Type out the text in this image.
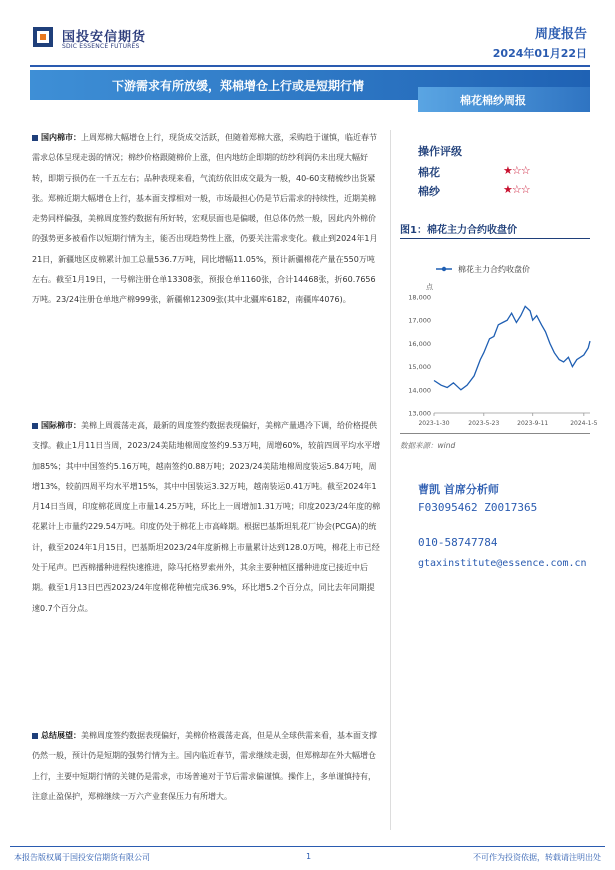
国投安信期货
SDIC ESSENCE FUTURES
周度报告
2024年01月22日
下游需求有所放缓，郑棉增仓上行或是短期行情
棉花棉纱周报
国内棉市：上周郑棉大幅增仓上行，现货成交活跃，但随着郑棉大涨，采购趋于谨慎，临近春节需求总体呈现走弱的情况；棉纱价格跟随棉价上涨，但内地纺企即期的纺纱利润仍未出现大幅好转，即期亏损仍在一千五左右；品种表现来看，气流纺依旧成交最为一般，40-60支精梳纱出货紧张。郑棉近期大幅增仓上行，基本面支撑相对一般，市场最担心仍是节后需求的持续性，近期美棉走势同样偏强，美棉周度签约数据有所好转，宏观层面也是偏暖，但总体仍然一般，因此内外棉价的强势更多被看作以短期行情为主，能否出现趋势性上涨，仍要关注需求变化。截止到2024年1月21日，新疆地区皮棉累计加工总量536.7万吨，同比增幅11.05%，预计新疆棉花产量在550万吨左右。截至1月19日，一号棉注册仓单13308张，预报仓单1160张，合计14468张，折60.7656万吨。23/24注册仓单地产棉999张，新疆棉12309张(其中北疆库6182，南疆库4076)。
国际棉市：美棉上周震荡走高，最新的周度签约数据表现偏好，美棉产量遇冷下调，给价格提供支撑。截止1月11日当周，2023/24美陆地棉周度签约9.53万吨，周增60%，较前四周平均水平增加85%；其中中国签约5.16万吨，越南签约0.88万吨；2023/24美陆地棉周度装运5.84万吨，周增13%，较前四周平均水平增15%，其中中国装运3.32万吨，越南装运0.41万吨。截至2024年1月14日当周，印度棉花周度上市量14.25万吨，环比上一周增加1.31万吨；印度2023/24年度的棉花累计上市量约229.54万吨。印度仍处于棉花上市高峰期。根据巴基斯坦轧花厂协会(PCGA)的统计，截至2024年1月15日，巴基斯坦2023/24年度新棉上市量累计达到128.0万吨，棉花上市已经处于尾声。巴西棉播种进程快速推进，除马托格罗索州外，其余主要种植区播种进度已接近中后期。截至1月13日巴西2023/24年度棉花种植完成36.9%，环比增5.2个百分点，同比去年同期提速0.7个百分点。
总结展望：美棉周度签约数据表现偏好，美棉价格震荡走高，但是从全球供需来看，基本面支撑仍然一般，预计仍是短期的强势行情为主。国内临近春节，需求继续走弱，但郑棉却在外大幅增仓上行，主要中短期行情的关键仍是需求，市场普遍对于节后需求偏谨慎。操作上，多单谨慎持有，注意止盈保护，郑棉继续一万六产业套保压力有所增大。
操作评级
棉花	★☆☆
棉纱	★☆☆
图1：棉花主力合约收盘价
棉花主力合约收盘价
点
13,000
14,000
15,000
16,000
17,000
18,000
2023-1-30	2023-5-23	2023-9-11	2024-1-5
数据来源：wind
曹凯 首席分析师
F03095462 Z0017365
010-58747784
gtaxinstitute@essence.com.cn
本报告版权属于国投安信期货有限公司	1	不可作为投资依据，转载请注明出处
